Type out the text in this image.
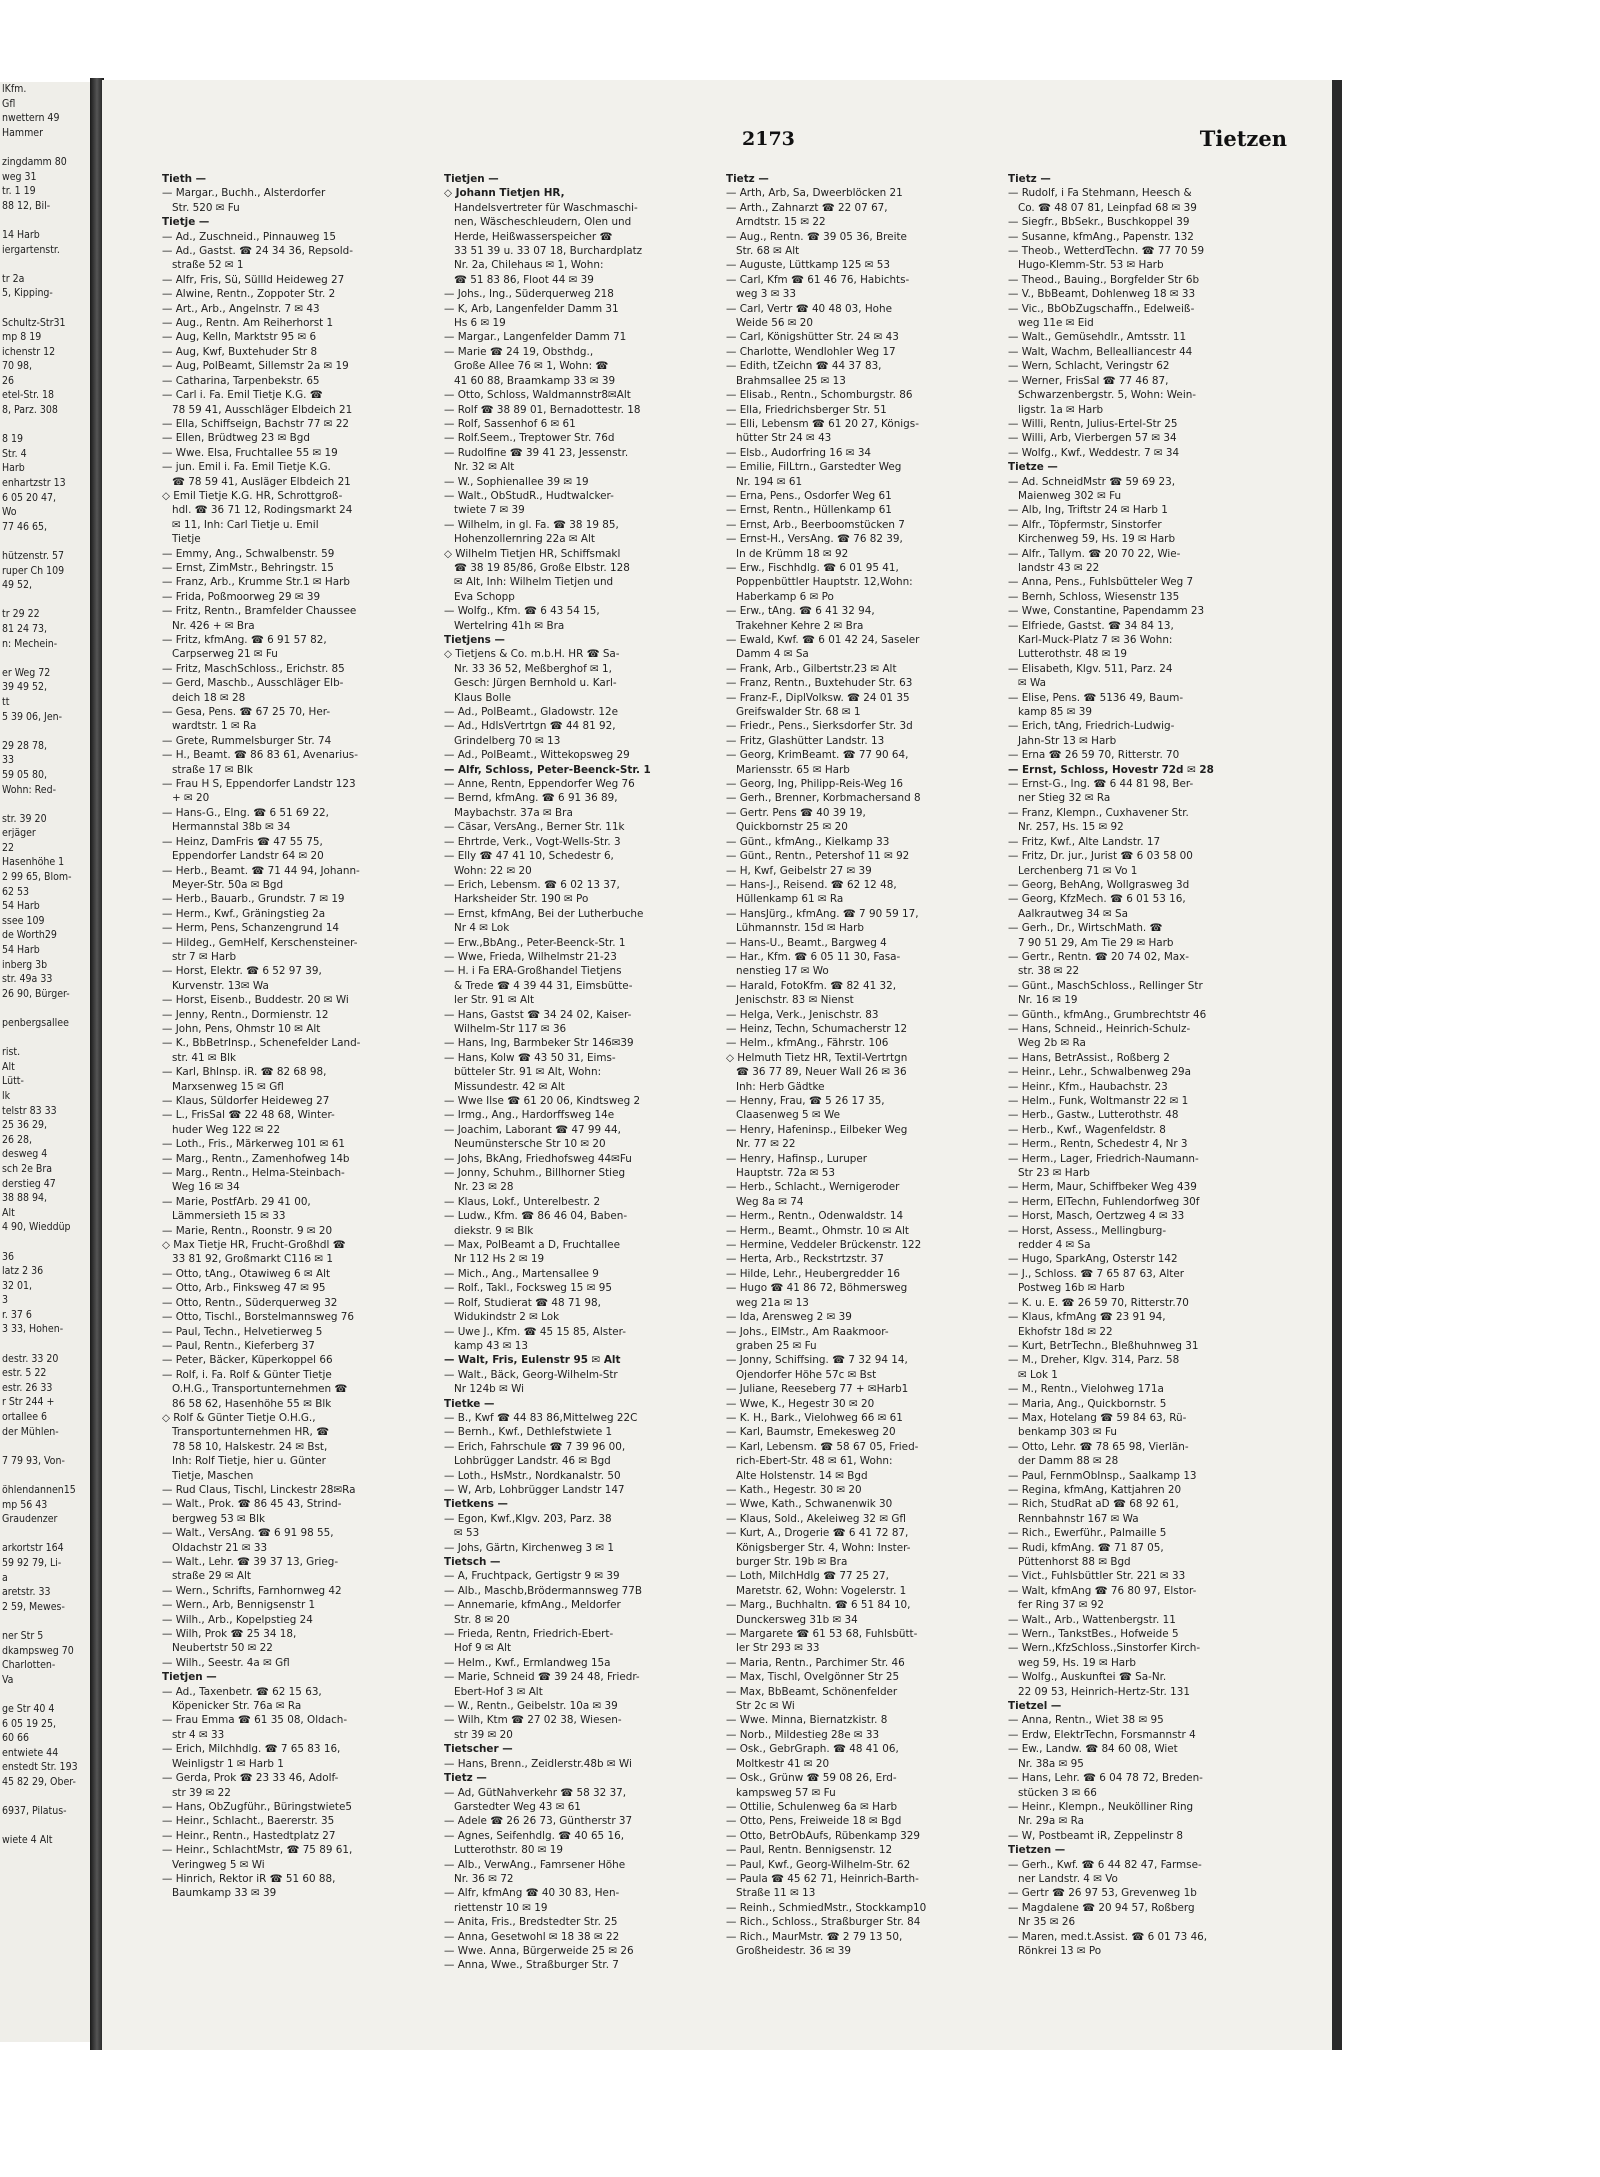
lKfm.
Gfl
nwettern 49
Hammer

zingdamm 80
weg 31
tr. 1 19
88 12, Bil-

14 Harb
iergartenstr.

tr 2a
5, Kipping-

Schultz-Str31
mp 8 19
ichenstr 12
70 98,
26
etel-Str. 18
8, Parz. 308

8 19
Str. 4
Harb
enhartzstr 13
6 05 20 47,
Wo
77 46 65,

hützenstr. 57
ruper Ch 109
49 52,

tr 29 22
81 24 73,
n: Mechein-

er Weg 72
39 49 52,
tt
5 39 06, Jen-

29 28 78,
33
59 05 80,
Wohn: Red-

str. 39 20
erjäger
22
Hasenhöhe 1
2 99 65, Blom-
62 53
54 Harb
ssee 109
de Worth29
54 Harb
inberg 3b
str. 49a 33
26 90, Bürger-

penbergsallee

rist.
Alt
Lütt-
lk
telstr 83 33
25 36 29,
26 28,
desweg 4
sch 2e Bra
derstieg 47
38 88 94,
Alt
4 90, Wieddüp

36
latz 2 36
32 01,
3
r. 37 6
3 33, Hohen-

destr. 33 20
estr. 5 22
estr. 26 33
r Str 244 +
ortallee 6
der Mühlen-

7 79 93, Von-

öhlendannen15
mp 56 43
Graudenzer

arkortstr 164
59 92 79, Li-
a
aretstr. 33
2 59, Mewes-

ner Str 5
dkampsweg 70
Charlotten-
Va

ge Str 40 4
6 05 19 25,
60 66
entwiete 44
enstedt Str. 193
45 82 29, Ober-

6937, Pilatus-

wiete 4 Alt
2173	Tietzen
Tieth —
— Margar., Buchh., Alsterdorfer
Str. 520 ✉ Fu
Tietje —
— Ad., Zuschneid., Pinnauweg 15
— Ad., Gastst. ☎ 24 34 36, Repsold-
straße 52 ✉ 1
— Alfr, Fris, Sü, Süllld Heideweg 27
— Alwine, Rentn., Zoppoter Str. 2
— Art., Arb., Angelnstr. 7 ✉ 43
— Aug., Rentn. Am Reiherhorst 1
— Aug, Kelln, Marktstr 95 ✉ 6
— Aug, Kwf, Buxtehuder Str 8
— Aug, PolBeamt, Sillemstr 2a ✉ 19
— Catharina, Tarpenbekstr. 65
— Carl i. Fa. Emil Tietje K.G. ☎
78 59 41, Ausschläger Elbdeich 21
— Ella, Schiffseign, Bachstr 77 ✉ 22
— Ellen, Brüdtweg 23 ✉ Bgd
— Wwe. Elsa, Fruchtallee 55 ✉ 19
— jun. Emil i. Fa. Emil Tietje K.G.
☎ 78 59 41, Ausläger Elbdeich 21
◇ Emil Tietje K.G. HR, Schrottgroß-
hdl. ☎ 36 71 12, Rodingsmarkt 24
✉ 11, Inh: Carl Tietje u. Emil
Tietje
— Emmy, Ang., Schwalbenstr. 59
— Ernst, ZimMstr., Behringstr. 15
— Franz, Arb., Krumme Str.1 ✉ Harb
— Frida, Poßmoorweg 29 ✉ 39
— Fritz, Rentn., Bramfelder Chaussee
Nr. 426 + ✉ Bra
— Fritz, kfmAng. ☎ 6 91 57 82,
Carpserweg 21 ✉ Fu
— Fritz, MaschSchloss., Erichstr. 85
— Gerd, Maschb., Ausschläger Elb-
deich 18 ✉ 28
— Gesa, Pens. ☎ 67 25 70, Her-
wardtstr. 1 ✉ Ra
— Grete, Rummelsburger Str. 74
— H., Beamt. ☎ 86 83 61, Avenarius-
straße 17 ✉ Blk
— Frau H S, Eppendorfer Landstr 123
+ ✉ 20
— Hans-G., Elng. ☎ 6 51 69 22,
Hermannstal 38b ✉ 34
— Heinz, DamFris ☎ 47 55 75,
Eppendorfer Landstr 64 ✉ 20
— Herb., Beamt. ☎ 71 44 94, Johann-
Meyer-Str. 50a ✉ Bgd
— Herb., Bauarb., Grundstr. 7 ✉ 19
— Herm., Kwf., Gräningstieg 2a
— Herm, Pens, Schanzengrund 14
— Hildeg., GemHelf, Kerschensteiner-
str 7 ✉ Harb
— Horst, Elektr. ☎ 6 52 97 39,
Kurvenstr. 13✉ Wa
— Horst, Eisenb., Buddestr. 20 ✉ Wi
— Jenny, Rentn., Dormienstr. 12
— John, Pens, Ohmstr 10 ✉ Alt
— K., BbBetrInsp., Schenefelder Land-
str. 41 ✉ Blk
— Karl, Bhlnsp. iR. ☎ 82 68 98,
Marxsenweg 15 ✉ Gfl
— Klaus, Süldorfer Heideweg 27
— L., FrisSal ☎ 22 48 68, Winter-
huder Weg 122 ✉ 22
— Loth., Fris., Märkerweg 101 ✉ 61
— Marg., Rentn., Zamenhofweg 14b
— Marg., Rentn., Helma-Steinbach-
Weg 16 ✉ 34
— Marie, PostfArb. 29 41 00,
Lämmersieth 15 ✉ 33
— Marie, Rentn., Roonstr. 9 ✉ 20
◇ Max Tietje HR, Frucht-Großhdl ☎
33 81 92, Großmarkt C116 ✉ 1
— Otto, tAng., Otawiweg 6 ✉ Alt
— Otto, Arb., Finksweg 47 ✉ 95
— Otto, Rentn., Süderquerweg 32
— Otto, Tischl., Borstelmannsweg 76
— Paul, Techn., Helvetierweg 5
— Paul, Rentn., Kieferberg 37
— Peter, Bäcker, Küperkoppel 66
— Rolf, i. Fa. Rolf & Günter Tietje
O.H.G., Transportunternehmen ☎
86 58 62, Hasenhöhe 55 ✉ Blk
◇ Rolf & Günter Tietje O.H.G.,
Transportunternehmen HR, ☎
78 58 10, Halskestr. 24 ✉ Bst,
Inh: Rolf Tietje, hier u. Günter
Tietje, Maschen
— Rud Claus, Tischl, Linckestr 28✉Ra
— Walt., Prok. ☎ 86 45 43, Strind-
bergweg 53 ✉ Blk
— Walt., VersAng. ☎ 6 91 98 55,
Oldachstr 21 ✉ 33
— Walt., Lehr. ☎ 39 37 13, Grieg-
straße 29 ✉ Alt
— Wern., Schrifts, Farnhornweg 42
— Wern., Arb, Bennigsenstr 1
— Wilh., Arb., Kopelpstieg 24
— Wilh, Prok ☎ 25 34 18,
Neubertstr 50 ✉ 22
— Wilh., Seestr. 4a ✉ Gfl
Tietjen —
— Ad., Taxenbetr. ☎ 62 15 63,
Köpenicker Str. 76a ✉ Ra
— Frau Emma ☎ 61 35 08, Oldach-
str 4 ✉ 33
— Erich, Milchhdlg. ☎ 7 65 83 16,
Weinligstr 1 ✉ Harb 1
— Gerda, Prok ☎ 23 33 46, Adolf-
str 39 ✉ 22
— Hans, ObZugführ., Büringstwiete5
— Heinr., Schlacht., Baererstr. 35
— Heinr., Rentn., Hastedtplatz 27
— Heinr., SchlachtMstr, ☎ 75 89 61,
Veringweg 5 ✉ Wi
— Hinrich, Rektor iR ☎ 51 60 88,
Baumkamp 33 ✉ 39
Tietjen —
◇ Johann Tietjen HR,
Handelsvertreter für Waschmaschi-
nen, Wäscheschleudern, Olen und
Herde, Heißwasserspeicher ☎
33 51 39 u. 33 07 18, Burchardplatz
Nr. 2a, Chilehaus ✉ 1, Wohn:
☎ 51 83 86, Floot 44 ✉ 39
— Johs., Ing., Süderquerweg 218
— K, Arb, Langenfelder Damm 31
Hs 6 ✉ 19
— Margar., Langenfelder Damm 71
— Marie ☎ 24 19, Obsthdg.,
Große Allee 76 ✉ 1, Wohn: ☎
41 60 88, Braamkamp 33 ✉ 39
— Otto, Schloss, Waldmannstr8✉Alt
— Rolf ☎ 38 89 01, Bernadottestr. 18
— Rolf, Sassenhof 6 ✉ 61
— Rolf.Seem., Treptower Str. 76d
— Rudolfine ☎ 39 41 23, Jessenstr.
Nr. 32 ✉ Alt
— W., Sophienallee 39 ✉ 19
— Walt., ObStudR., Hudtwalcker-
twiete 7 ✉ 39
— Wilhelm, in gl. Fa. ☎ 38 19 85,
Hohenzollernring 22a ✉ Alt
◇ Wilhelm Tietjen HR, Schiffsmakl
☎ 38 19 85/86, Große Elbstr. 128
✉ Alt, Inh: Wilhelm Tietjen und
Eva Schopp
— Wolfg., Kfm. ☎ 6 43 54 15,
Wertelring 41h ✉ Bra
Tietjens —
◇ Tietjens & Co. m.b.H. HR ☎ Sa-
Nr. 33 36 52, Meßberghof ✉ 1,
Gesch: Jürgen Bernhold u. Karl-
Klaus Bolle
— Ad., PolBeamt., Gladowstr. 12e
— Ad., HdlsVertrtgn ☎ 44 81 92,
Grindelberg 70 ✉ 13
— Ad., PolBeamt., Wittekopsweg 29
— Alfr, Schloss, Peter-Beenck-Str. 1
— Anne, Rentn, Eppendorfer Weg 76
— Bernd, kfmAng. ☎ 6 91 36 89,
Maybachstr. 37a ✉ Bra
— Cäsar, VersAng., Berner Str. 11k
— Ehrtrde, Verk., Vogt-Wells-Str. 3
— Elly ☎ 47 41 10, Schedestr 6,
Wohn: 22 ✉ 20
— Erich, Lebensm. ☎ 6 02 13 37,
Harksheider Str. 190 ✉ Po
— Ernst, kfmAng, Bei der Lutherbuche
Nr 4 ✉ Lok
— Erw.,BbAng., Peter-Beenck-Str. 1
— Wwe, Frieda, Wilhelmstr 21-23
— H. i Fa ERA-Großhandel Tietjens
& Trede ☎ 4 39 44 31, Eimsbütte-
ler Str. 91 ✉ Alt
— Hans, Gastst ☎ 34 24 02, Kaiser-
Wilhelm-Str 117 ✉ 36
— Hans, Ing, Barmbeker Str 146✉39
— Hans, Kolw ☎ 43 50 31, Eims-
bütteler Str. 91 ✉ Alt, Wohn:
Missundestr. 42 ✉ Alt
— Wwe Ilse ☎ 61 20 06, Kindtsweg 2
— Irmg., Ang., Hardorffsweg 14e
— Joachim, Laborant ☎ 47 99 44,
Neumünstersche Str 10 ✉ 20
— Johs, BkAng, Friedhofsweg 44✉Fu
— Jonny, Schuhm., Billhorner Stieg
Nr. 23 ✉ 28
— Klaus, Lokf., Unterelbestr. 2
— Ludw., Kfm. ☎ 86 46 04, Baben-
diekstr. 9 ✉ Blk
— Max, PolBeamt a D, Fruchtallee
Nr 112 Hs 2 ✉ 19
— Mich., Ang., Martensallee 9
— Rolf., Takl., Focksweg 15 ✉ 95
— Rolf, Studierat ☎ 48 71 98,
Widukindstr 2 ✉ Lok
— Uwe J., Kfm. ☎ 45 15 85, Alster-
kamp 43 ✉ 13
— Walt, Fris, Eulenstr 95 ✉ Alt
— Walt., Bäck, Georg-Wilhelm-Str
Nr 124b ✉ Wi
Tietke —
— B., Kwf ☎ 44 83 86,Mittelweg 22C
— Bernh., Kwf., Dethlefstwiete 1
— Erich, Fahrschule ☎ 7 39 96 00,
Lohbrügger Landstr. 46 ✉ Bgd
— Loth., HsMstr., Nordkanalstr. 50
— W, Arb, Lohbrügger Landstr 147
Tietkens —
— Egon, Kwf.,Klgv. 203, Parz. 38
✉ 53
— Johs, Gärtn, Kirchenweg 3 ✉ 1
Tietsch —
— A, Fruchtpack, Gertigstr 9 ✉ 39
— Alb., Maschb,Brödermannsweg 77B
— Annemarie, kfmAng., Meldorfer
Str. 8 ✉ 20
— Frieda, Rentn, Friedrich-Ebert-
Hof 9 ✉ Alt
— Helm., Kwf., Ermlandweg 15a
— Marie, Schneid ☎ 39 24 48, Friedr-
Ebert-Hof 3 ✉ Alt
— W., Rentn., Geibelstr. 10a ✉ 39
— Wilh, Ktm ☎ 27 02 38, Wiesen-
str 39 ✉ 20
Tietscher —
— Hans, Brenn., Zeidlerstr.48b ✉ Wi
Tietz —
— Ad, GütNahverkehr ☎ 58 32 37,
Garstedter Weg 43 ✉ 61
— Adele ☎ 26 26 73, Güntherstr 37
— Agnes, Seifenhdlg. ☎ 40 65 16,
Lutterothstr. 80 ✉ 19
— Alb., VerwAng., Famrsener Höhe
Nr. 36 ✉ 72
— Alfr, kfmAng ☎ 40 30 83, Hen-
riettenstr 10 ✉ 19
— Anita, Fris., Bredstedter Str. 25
— Anna, Gesetwohl ✉ 18 38 ✉ 22
— Wwe. Anna, Bürgerweide 25 ✉ 26
— Anna, Wwe., Straßburger Str. 7
Tietz —
— Arth, Arb, Sa, Dweerblöcken 21
— Arth., Zahnarzt ☎ 22 07 67,
Arndtstr. 15 ✉ 22
— Aug., Rentn. ☎ 39 05 36, Breite
Str. 68 ✉ Alt
— Auguste, Lüttkamp 125 ✉ 53
— Carl, Kfm ☎ 61 46 76, Habichts-
weg 3 ✉ 33
— Carl, Vertr ☎ 40 48 03, Hohe
Weide 56 ✉ 20
— Carl, Königshütter Str. 24 ✉ 43
— Charlotte, Wendlohler Weg 17
— Edith, tZeichn ☎ 44 37 83,
Brahmsallee 25 ✉ 13
— Elisab., Rentn., Schomburgstr. 86
— Ella, Friedrichsberger Str. 51
— Elli, Lebensm ☎ 61 20 27, Königs-
hütter Str 24 ✉ 43
— Elsb., Audorfring 16 ✉ 34
— Emilie, FilLtrn., Garstedter Weg
Nr. 194 ✉ 61
— Erna, Pens., Osdorfer Weg 61
— Ernst, Rentn., Hüllenkamp 61
— Ernst, Arb., Beerboomstücken 7
— Ernst-H., VersAng. ☎ 76 82 39,
In de Krümm 18 ✉ 92
— Erw., Fischhdlg. ☎ 6 01 95 41,
Poppenbüttler Hauptstr. 12,Wohn:
Haberkamp 6 ✉ Po
— Erw., tAng. ☎ 6 41 32 94,
Trakehner Kehre 2 ✉ Bra
— Ewald, Kwf. ☎ 6 01 42 24, Saseler
Damm 4 ✉ Sa
— Frank, Arb., Gilbertstr.23 ✉ Alt
— Franz, Rentn., Buxtehuder Str. 63
— Franz-F., DiplVolksw. ☎ 24 01 35
Greifswalder Str. 68 ✉ 1
— Friedr., Pens., Sierksdorfer Str. 3d
— Fritz, Glashütter Landstr. 13
— Georg, KrimBeamt. ☎ 77 90 64,
Mariensstr. 65 ✉ Harb
— Georg, Ing, Philipp-Reis-Weg 16
— Gerh., Brenner, Korbmachersand 8
— Gertr. Pens ☎ 40 39 19,
Quickbornstr 25 ✉ 20
— Günt., kfmAng., Kielkamp 33
— Günt., Rentn., Petershof 11 ✉ 92
— H, Kwf, Geibelstr 27 ✉ 39
— Hans-J., Reisend. ☎ 62 12 48,
Hüllenkamp 61 ✉ Ra
— HansJürg., kfmAng. ☎ 7 90 59 17,
Lühmannstr. 15d ✉ Harb
— Hans-U., Beamt., Bargweg 4
— Har., Kfm. ☎ 6 05 11 30, Fasa-
nenstieg 17 ✉ Wo
— Harald, FotoKfm. ☎ 82 41 32,
Jenischstr. 83 ✉ Nienst
— Helga, Verk., Jenischstr. 83
— Heinz, Techn, Schumacherstr 12
— Helm., kfmAng., Fährstr. 106
◇ Helmuth Tietz HR, Textil-Vertrtgn
☎ 36 77 89, Neuer Wall 26 ✉ 36
Inh: Herb Gädtke
— Henny, Frau, ☎ 5 26 17 35,
Claasenweg 5 ✉ We
— Henry, Hafeninsp., Eilbeker Weg
Nr. 77 ✉ 22
— Henry, Hafinsp., Luruper
Hauptstr. 72a ✉ 53
— Herb., Schlacht., Wernigeroder
Weg 8a ✉ 74
— Herm., Rentn., Odenwaldstr. 14
— Herm., Beamt., Ohmstr. 10 ✉ Alt
— Hermine, Veddeler Brückenstr. 122
— Herta, Arb., Reckstrtzstr. 37
— Hilde, Lehr., Heubergredder 16
— Hugo ☎ 41 86 72, Böhmersweg
weg 21a ✉ 13
— Ida, Arensweg 2 ✉ 39
— Johs., ElMstr., Am Raakmoor-
graben 25 ✉ Fu
— Jonny, Schiffsing. ☎ 7 32 94 14,
Ojendorfer Höhe 57c ✉ Bst
— Juliane, Reeseberg 77 + ✉Harb1
— Wwe, K., Hegestr 30 ✉ 20
— K. H., Bark., Vielohweg 66 ✉ 61
— Karl, Baumstr, Emekesweg 20
— Karl, Lebensm. ☎ 58 67 05, Fried-
rich-Ebert-Str. 48 ✉ 61, Wohn:
Alte Holstenstr. 14 ✉ Bgd
— Kath., Hegestr. 30 ✉ 20
— Wwe, Kath., Schwanenwik 30
— Klaus, Sold., Akeleiweg 32 ✉ Gfl
— Kurt, A., Drogerie ☎ 6 41 72 87,
Königsberger Str. 4, Wohn: Inster-
burger Str. 19b ✉ Bra
— Loth, MilchHdlg ☎ 77 25 27,
Maretstr. 62, Wohn: Vogelerstr. 1
— Marg., Buchhaltn. ☎ 6 51 84 10,
Dunckersweg 31b ✉ 34
— Margarete ☎ 61 53 68, Fuhlsbütt-
ler Str 293 ✉ 33
— Maria, Rentn., Parchimer Str. 46
— Max, Tischl, Ovelgönner Str 25
— Max, BbBeamt, Schönenfelder
Str 2c ✉ Wi
— Wwe. Minna, Biernatzkistr. 8
— Norb., Mildestieg 28e ✉ 33
— Osk., GebrGraph. ☎ 48 41 06,
Moltkestr 41 ✉ 20
— Osk., Grünw ☎ 59 08 26, Erd-
kampsweg 57 ✉ Fu
— Ottilie, Schulenweg 6a ✉ Harb
— Otto, Pens, Freiweide 18 ✉ Bgd
— Otto, BetrObAufs, Rübenkamp 329
— Paul, Rentn. Bennigsenstr. 12
— Paul, Kwf., Georg-Wilhelm-Str. 62
— Paula ☎ 45 62 71, Heinrich-Barth-
Straße 11 ✉ 13
— Reinh., SchmiedMstr., Stockkamp10
— Rich., Schloss., Straßburger Str. 84
— Rich., MaurMstr. ☎ 2 79 13 50,
Großheidestr. 36 ✉ 39
Tietz —
— Rudolf, i Fa Stehmann, Heesch &
Co. ☎ 48 07 81, Leinpfad 68 ✉ 39
— Siegfr., BbSekr., Buschkoppel 39
— Susanne, kfmAng., Papenstr. 132
— Theob., WetterdTechn. ☎ 77 70 59
Hugo-Klemm-Str. 53 ✉ Harb
— Theod., Bauing., Borgfelder Str 6b
— V., BbBeamt, Dohlenweg 18 ✉ 33
— Vic., BbObZugschaffn., Edelweiß-
weg 11e ✉ Eid
— Walt., Gemüsehdlr., Amtsstr. 11
— Walt, Wachm, Bellealliancestr 44
— Wern, Schlacht, Veringstr 62
— Werner, FrisSal ☎ 77 46 87,
Schwarzenbergstr. 5, Wohn: Wein-
ligstr. 1a ✉ Harb
— Willi, Rentn, Julius-Ertel-Str 25
— Willi, Arb, Vierbergen 57 ✉ 34
— Wolfg., Kwf., Weddestr. 7 ✉ 34
Tietze —
— Ad. SchneidMstr ☎ 59 69 23,
Maienweg 302 ✉ Fu
— Alb, Ing, Triftstr 24 ✉ Harb 1
— Alfr., Töpfermstr, Sinstorfer
Kirchenweg 59, Hs. 19 ✉ Harb
— Alfr., Tallym. ☎ 20 70 22, Wie-
landstr 43 ✉ 22
— Anna, Pens., Fuhlsbütteler Weg 7
— Bernh, Schloss, Wiesenstr 135
— Wwe, Constantine, Papendamm 23
— Elfriede, Gastst. ☎ 34 84 13,
Karl-Muck-Platz 7 ✉ 36 Wohn:
Lutterothstr. 48 ✉ 19
— Elisabeth, Klgv. 511, Parz. 24
✉ Wa
— Elise, Pens. ☎ 5136 49, Baum-
kamp 85 ✉ 39
— Erich, tAng, Friedrich-Ludwig-
Jahn-Str 13 ✉ Harb
— Erna ☎ 26 59 70, Ritterstr. 70
— Ernst, Schloss, Hovestr 72d ✉ 28
— Ernst-G., Ing. ☎ 6 44 81 98, Ber-
ner Stieg 32 ✉ Ra
— Franz, Klempn., Cuxhavener Str.
Nr. 257, Hs. 15 ✉ 92
— Fritz, Kwf., Alte Landstr. 17
— Fritz, Dr. jur., Jurist ☎ 6 03 58 00
Lerchenberg 71 ✉ Vo 1
— Georg, BehAng, Wollgrasweg 3d
— Georg, KfzMech. ☎ 6 01 53 16,
Aalkrautweg 34 ✉ Sa
— Gerh., Dr., WirtschMath. ☎
7 90 51 29, Am Tie 29 ✉ Harb
— Gertr., Rentn. ☎ 20 74 02, Max-
str. 38 ✉ 22
— Günt., MaschSchloss., Rellinger Str
Nr. 16 ✉ 19
— Günth., kfmAng., Grumbrechtstr 46
— Hans, Schneid., Heinrich-Schulz-
Weg 2b ✉ Ra
— Hans, BetrAssist., Roßberg 2
— Heinr., Lehr., Schwalbenweg 29a
— Heinr., Kfm., Haubachstr. 23
— Helm., Funk, Woltmanstr 22 ✉ 1
— Herb., Gastw., Lutterothstr. 48
— Herb., Kwf., Wagenfeldstr. 8
— Herm., Rentn, Schedestr 4, Nr 3
— Herm., Lager, Friedrich-Naumann-
Str 23 ✉ Harb
— Herm, Maur, Schiffbeker Weg 439
— Herm, ElTechn, Fuhlendorfweg 30f
— Horst, Masch, Oertzweg 4 ✉ 33
— Horst, Assess., Mellingburg-
redder 4 ✉ Sa
— Hugo, SparkAng, Osterstr 142
— J., Schloss. ☎ 7 65 87 63, Alter
Postweg 16b ✉ Harb
— K. u. E. ☎ 26 59 70, Ritterstr.70
— Klaus, kfmAng ☎ 23 91 94,
Ekhofstr 18d ✉ 22
— Kurt, BetrTechn., Bleßhuhnweg 31
— M., Dreher, Klgv. 314, Parz. 58
✉ Lok 1
— M., Rentn., Vielohweg 171a
— Maria, Ang., Quickbornstr. 5
— Max, Hotelang ☎ 59 84 63, Rü-
benkamp 303 ✉ Fu
— Otto, Lehr. ☎ 78 65 98, Vierlän-
der Damm 88 ✉ 28
— Paul, FernmObInsp., Saalkamp 13
— Regina, kfmAng, Kattjahren 20
— Rich, StudRat aD ☎ 68 92 61,
Rennbahnstr 167 ✉ Wa
— Rich., Ewerführ., Palmaille 5
— Rudi, kfmAng. ☎ 71 87 05,
Püttenhorst 88 ✉ Bgd
— Vict., Fuhlsbüttler Str. 221 ✉ 33
— Walt, kfmAng ☎ 76 80 97, Elstor-
fer Ring 37 ✉ 92
— Walt., Arb., Wattenbergstr. 11
— Wern., TankstBes., Hofweide 5
— Wern.,KfzSchloss.,Sinstorfer Kirch-
weg 59, Hs. 19 ✉ Harb
— Wolfg., Auskunftei ☎ Sa-Nr.
22 09 53, Heinrich-Hertz-Str. 131
Tietzel —
— Anna, Rentn., Wiet 38 ✉ 95
— Erdw, ElektrTechn, Forsmannstr 4
— Ew., Landw. ☎ 84 60 08, Wiet
Nr. 38a ✉ 95
— Hans, Lehr. ☎ 6 04 78 72, Breden-
stücken 3 ✉ 66
— Heinr., Klempn., Neukölliner Ring
Nr. 29a ✉ Ra
— W, Postbeamt iR, Zeppelinstr 8
Tietzen —
— Gerh., Kwf. ☎ 6 44 82 47, Farmse-
ner Landstr. 4 ✉ Vo
— Gertr ☎ 26 97 53, Grevenweg 1b
— Magdalene ☎ 20 94 57, Roßberg
Nr 35 ✉ 26
— Maren, med.t.Assist. ☎ 6 01 73 46,
Rönkrei 13 ✉ Po
